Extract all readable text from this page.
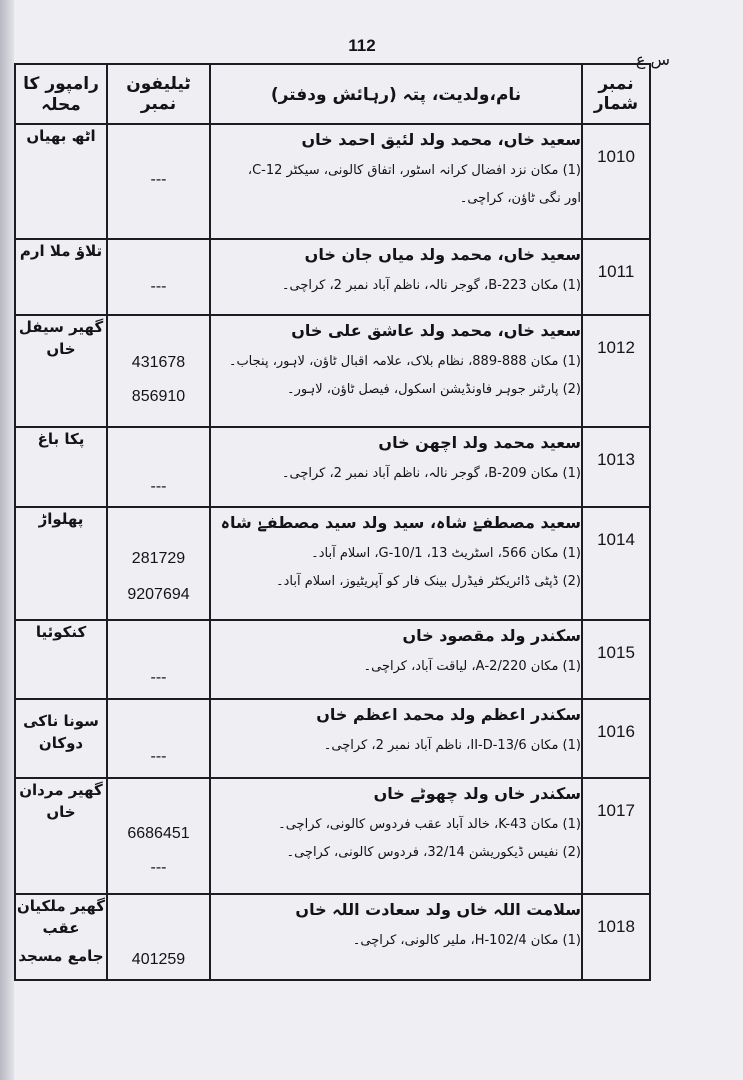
112
س ع
نمبر شمار	نام،ولدیت، پتہ (رہائش ودفتر)	ٹیلیفون نمبر	رامپور کا محلہ

1010	سعید خاں، محمد ولد لئیق احمد خاں
(1) مکان نزد افضال کرانہ اسٹور، اتفاق کالونی، سیکٹر 12-C،
اور نگی ٹاؤن، کراچی۔	---	اٹھ بھیاں

1011	سعید خاں، محمد ولد میاں جان خاں
(1) مکان B-223، گوجر نالہ، ناظم آباد نمبر 2، کراچی۔	---	تلاؤ ملا ارم

1012	سعید خاں، محمد ولد عاشق علی خاں
(1) مکان 888-889، نظام بلاک، علامہ اقبال ٹاؤن، لاہور، پنجاب۔
(2) پارٹنر جوہر فاونڈیشن اسکول، فیصل ٹاؤن، لاہور۔	431678
856910	گھیر سیفل خاں

1013	سعید محمد ولد اچھن خاں
(1) مکان B-209، گوجر نالہ، ناظم آباد نمبر 2، کراچی۔	---	پکا باغ

1014	سعید مصطفےٰ شاہ، سید ولد سید مصطفےٰ شاہ
(1) مکان 566، اسٹریٹ 13، G-10/1، اسلام آباد۔
(2) ڈپٹی ڈائریکٹر فیڈرل بینک فار کو آپریٹیوز، اسلام آباد۔	281729
9207694	پھلواڑ

1015	سکندر ولد مقصود خاں
(1) مکان 2/220-A، لیاقت آباد، کراچی۔	---	کنکوئیا

1016	سکندر اعظم ولد محمد اعظم خاں
(1) مکان II-D-13/6، ناظم آباد نمبر 2، کراچی۔	---	سونا ناکی دوکان

1017	سکندر خاں ولد چھوٹے خاں
(1) مکان K-43، خالد آباد عقب فردوس کالونی، کراچی۔
(2) نفیس ڈیکوریشن 32/14، فردوس کالونی، کراچی۔	6686451
---	گھیر مردان خاں

1018	سلامت اللہ خاں ولد سعادت اللہ خاں
(1) مکان H-102/4، ملیر کالونی، کراچی۔	401259	گھیر ملکیان عقب
جامع مسجد
